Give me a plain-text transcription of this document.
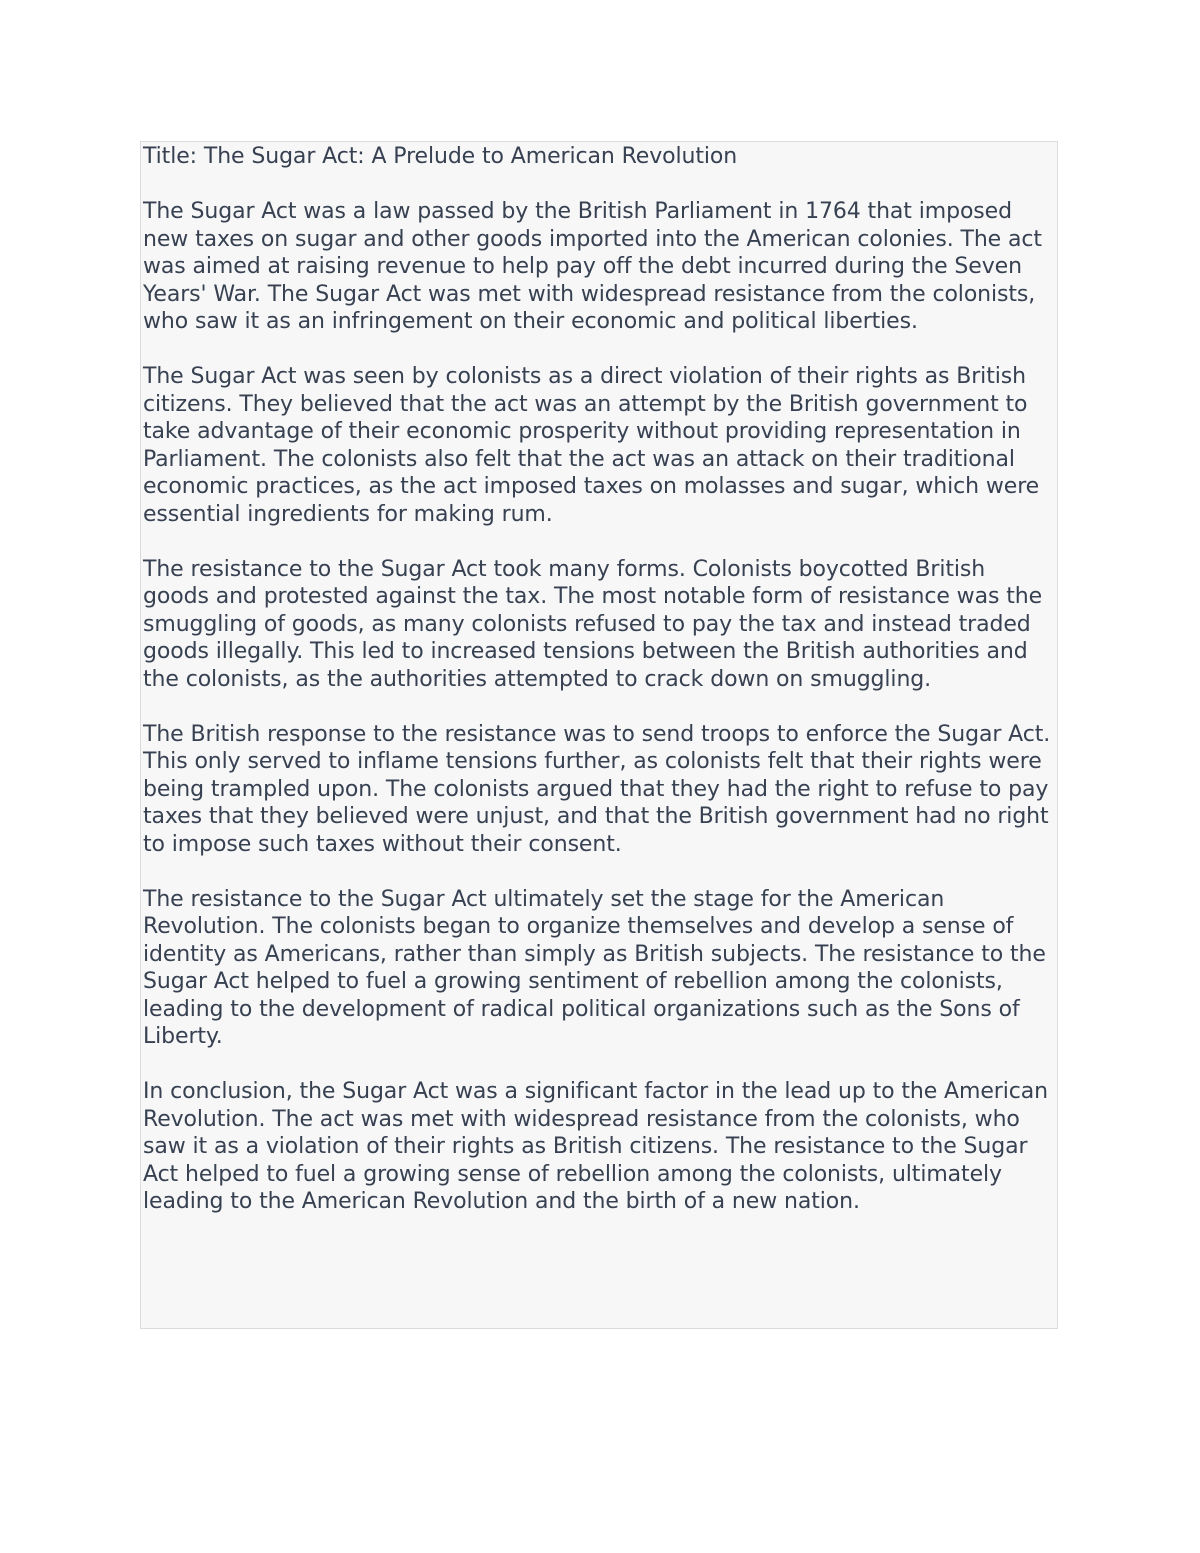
Title: The Sugar Act: A Prelude to American Revolution

The Sugar Act was a law passed by the British Parliament in 1764 that imposed new taxes on sugar and other goods imported into the American colonies. The act was aimed at raising revenue to help pay off the debt incurred during the Seven Years' War. The Sugar Act was met with widespread resistance from the colonists, who saw it as an infringement on their economic and political liberties.

The Sugar Act was seen by colonists as a direct violation of their rights as British citizens. They believed that the act was an attempt by the British government to take advantage of their economic prosperity without providing representation in Parliament. The colonists also felt that the act was an attack on their traditional economic practices, as the act imposed taxes on molasses and sugar, which were essential ingredients for making rum.

The resistance to the Sugar Act took many forms. Colonists boycotted British goods and protested against the tax. The most notable form of resistance was the smuggling of goods, as many colonists refused to pay the tax and instead traded goods illegally. This led to increased tensions between the British authorities and the colonists, as the authorities attempted to crack down on smuggling.

The British response to the resistance was to send troops to enforce the Sugar Act. This only served to inflame tensions further, as colonists felt that their rights were being trampled upon. The colonists argued that they had the right to refuse to pay taxes that they believed were unjust, and that the British government had no right to impose such taxes without their consent.

The resistance to the Sugar Act ultimately set the stage for the American Revolution. The colonists began to organize themselves and develop a sense of identity as Americans, rather than simply as British subjects. The resistance to the Sugar Act helped to fuel a growing sentiment of rebellion among the colonists, leading to the development of radical political organizations such as the Sons of Liberty.

In conclusion, the Sugar Act was a significant factor in the lead up to the American Revolution. The act was met with widespread resistance from the colonists, who saw it as a violation of their rights as British citizens. The resistance to the Sugar Act helped to fuel a growing sense of rebellion among the colonists, ultimately leading to the American Revolution and the birth of a new nation.
